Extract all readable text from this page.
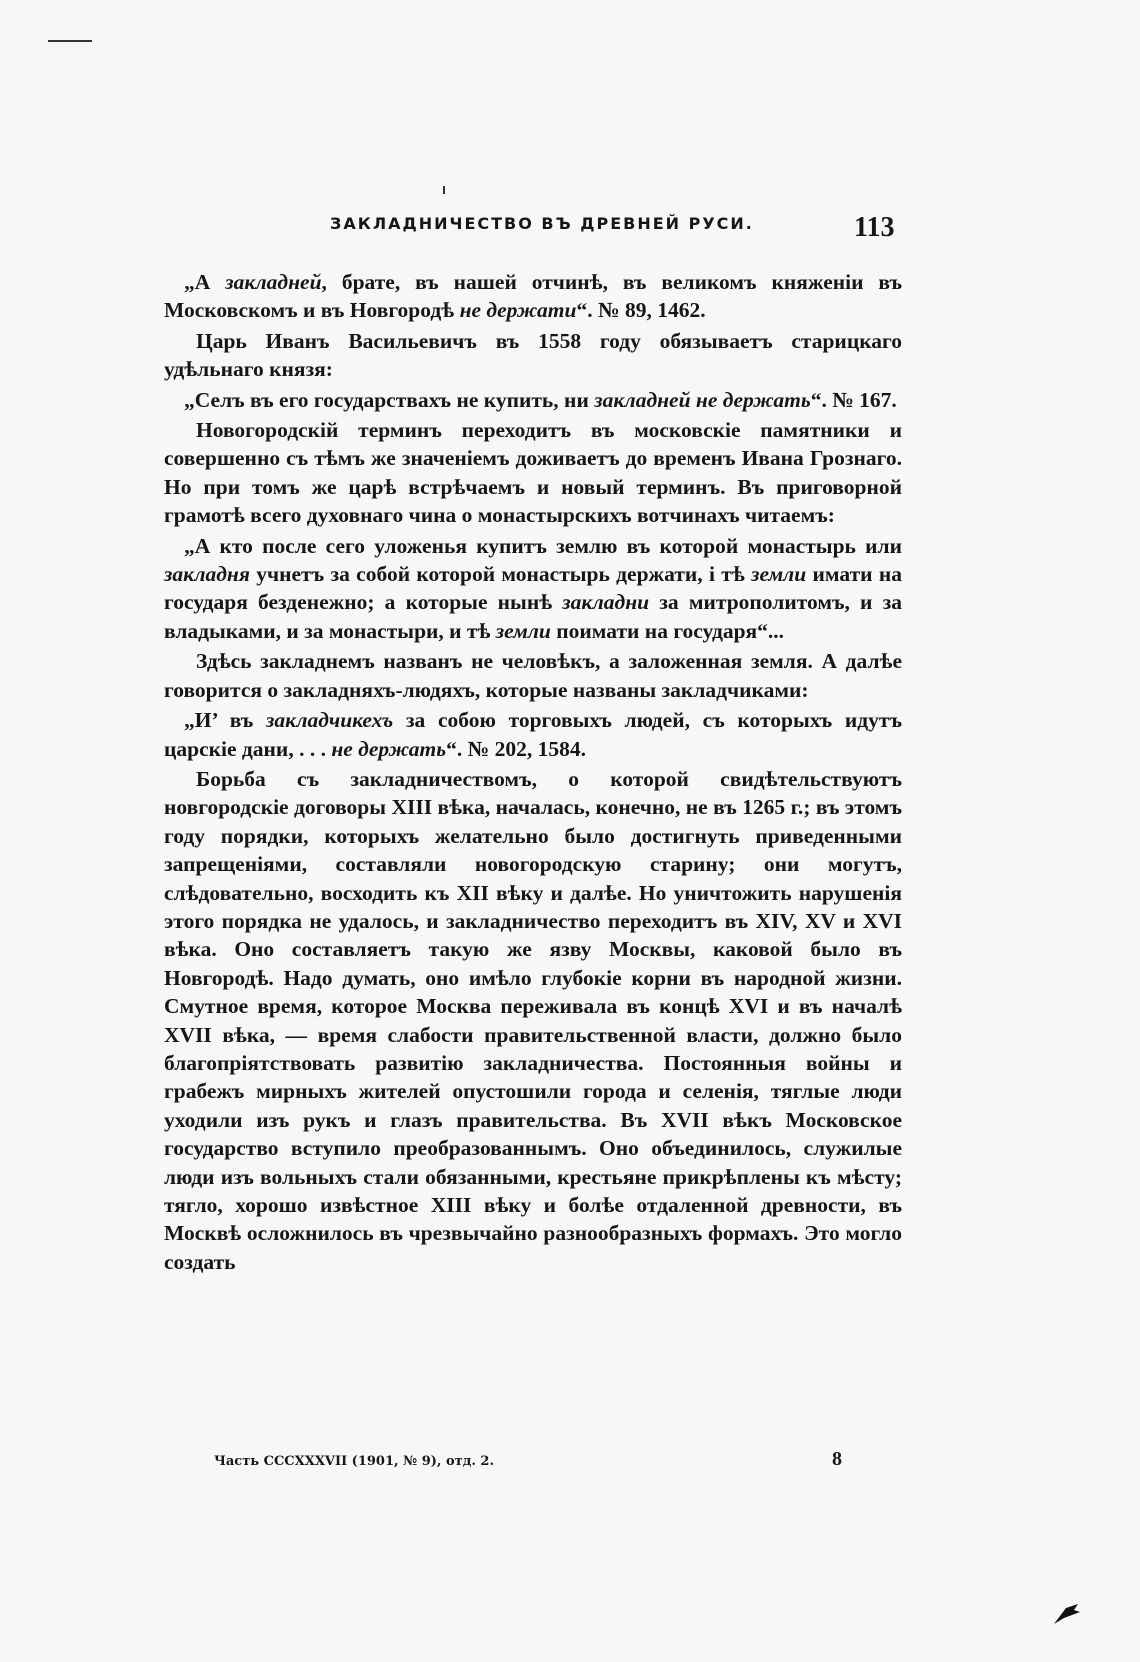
ЗАКЛАДНИЧЕСТВО ВЪ ДРЕВНЕЙ РУСИ.	113

„А закладней, брате, въ нашей отчинѣ, въ великомъ княженіи въ Московскомъ и въ Новгородѣ не держати“. № 89, 1462.

Царь Иванъ Васильевичъ въ 1558 году обязываетъ старицкаго удѣльнаго князя:

„Селъ въ его государствахъ не купить, ни закладней не держать“. № 167.

Новогородскій терминъ переходитъ въ московскіе памятники и совершенно съ тѣмъ же значеніемъ доживаетъ до временъ Ивана Грознаго. Но при томъ же царѣ встрѣчаемъ и новый терминъ. Въ приговорной грамотѣ всего духовнаго чина о монастырскихъ вотчинахъ читаемъ:

„А кто после сего уложенья купитъ землю въ которой монастырь или закладня учнетъ за собой которой монастырь держати, і тѣ земли имати на государя безденежно; а которые нынѣ закладни за митрополитомъ, и за владыками, и за монастыри, и тѣ земли поимати на государя“...

Здѣсь закладнемъ названъ не человѣкъ, а заложенная земля. А далѣе говорится о закладняхъ-людяхъ, которые названы закладчиками:

„И’ въ закладчикехъ за собою торговыхъ людей, съ которыхъ идутъ царскіе дани, . . . не держать“. № 202, 1584.

Борьба съ закладничествомъ, о которой свидѣтельствуютъ новгородскіе договоры XIII вѣка, началась, конечно, не въ 1265 г.; въ этомъ году порядки, которыхъ желательно было достигнуть приведенными запрещеніями, составляли новогородскую старину; они могутъ, слѣдовательно, восходить къ XII вѣку и далѣе. Но уничтожить нарушенія этого порядка не удалось, и закладничество переходитъ въ XIV, XV и XVI вѣка. Оно составляетъ такую же язву Москвы, каковой было въ Новгородѣ. Надо думать, оно имѣло глубокіе корни въ народной жизни. Смутное время, которое Москва переживала въ концѣ XVI и въ началѣ XVII вѣка, — время слабости правительственной власти, должно было благопріятствовать развитію закладничества. Постоянныя войны и грабежъ мирныхъ жителей опустошили города и селенія, тяглые люди уходили изъ рукъ и глазъ правительства. Въ XVII вѣкъ Московское государство вступило преобразованнымъ. Оно объединилось, служилые люди изъ вольныхъ стали обязанными, крестьяне прикрѣплены къ мѣсту; тягло, хорошо извѣстное XIII вѣку и болѣе отдаленной древности, въ Москвѣ осложнилось въ чрезвычайно разнообразныхъ формахъ. Это могло создать

Часть CCCXXXVII (1901, № 9), отд. 2.	8
